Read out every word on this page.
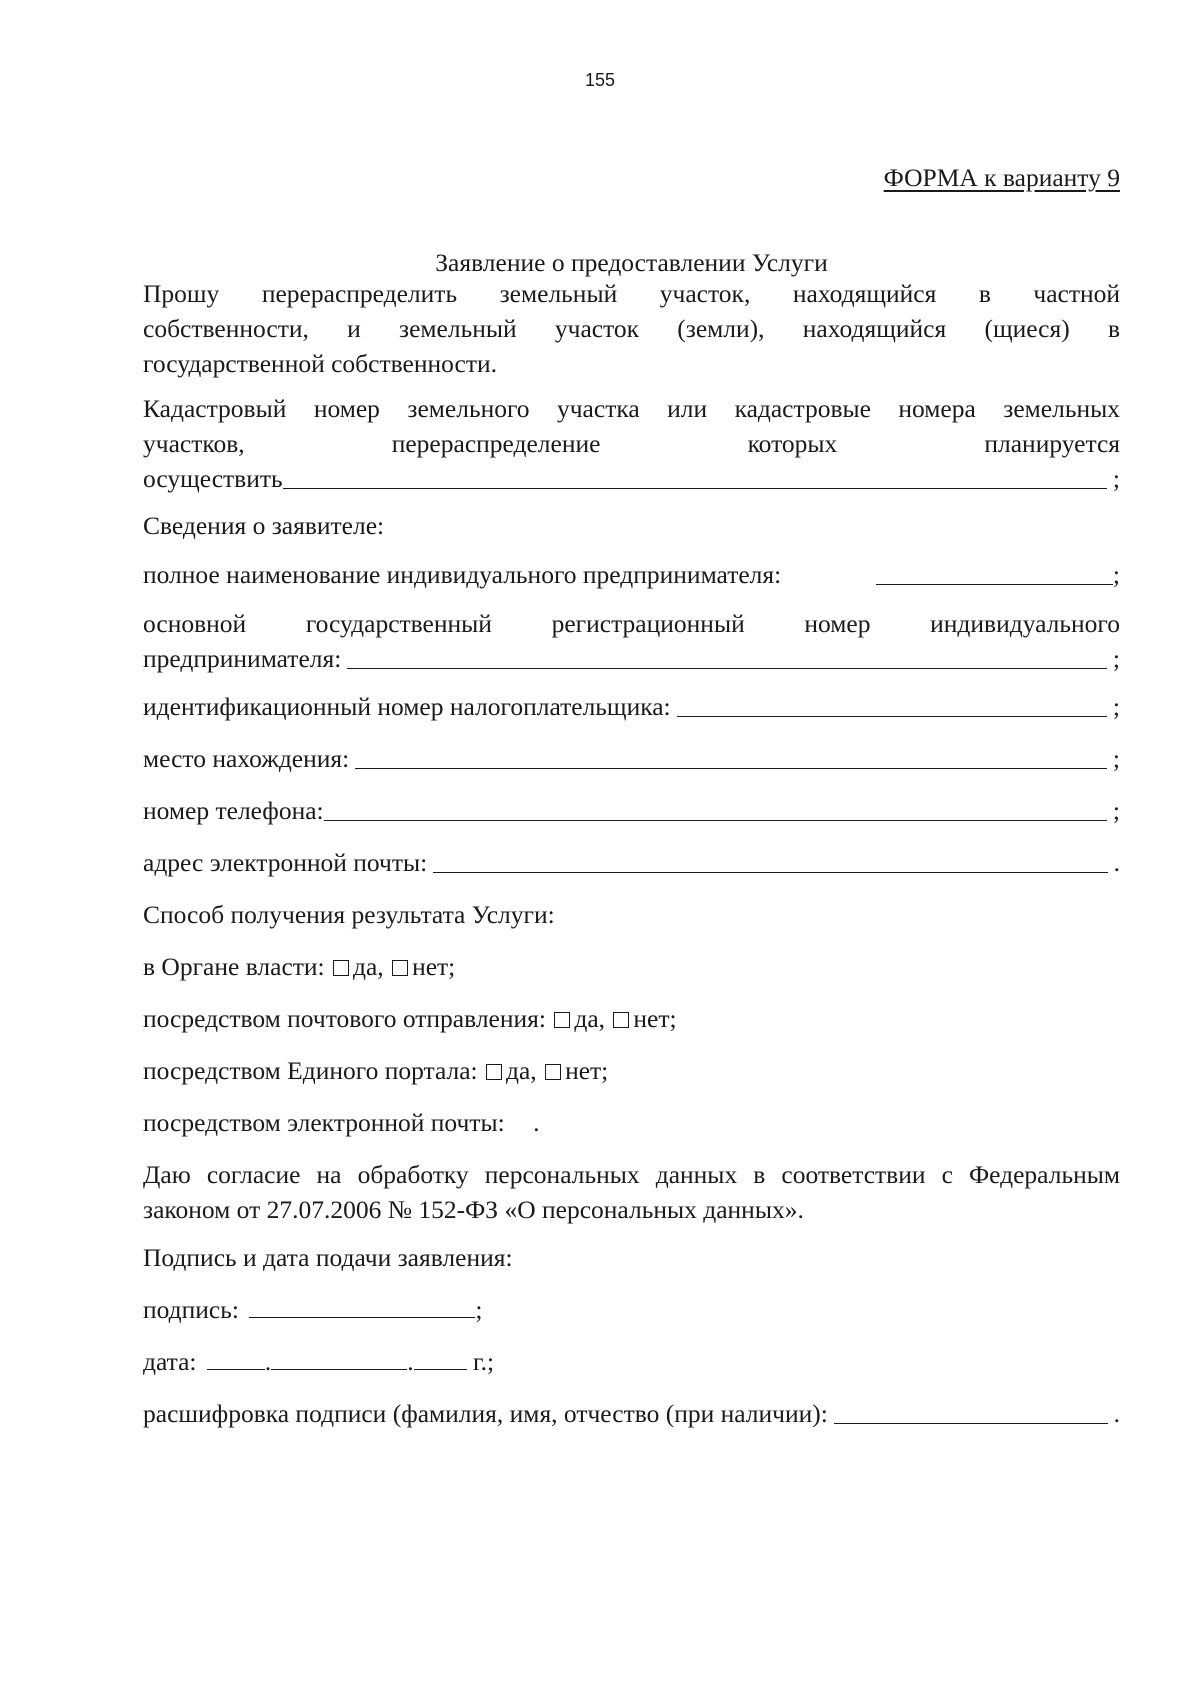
155
ФОРМА к варианту 9
Заявление о предоставлении Услуги
Прошу перераспределить земельный участок, находящийся в частной
собственности, и земельный участок (земли), находящийся (щиеся) в
государственной собственности.
Кадастровый номер земельного участка или кадастровые номера земельных
участков,	перераспределение	которых	планируется
осуществить	;
Сведения о заявителе:
полное наименование индивидуального предпринимателя:	;
основной государственный регистрационный номер индивидуального
предпринимателя:	;
идентификационный номер налогоплательщика:	;
место нахождения:	;
номер телефона:	;
адрес электронной почты:	.
Способ получения результата Услуги:
в Органе власти: да, нет;
посредством почтового отправления: да, нет;
посредством Единого портала: да, нет;
посредством электронной почты: .
Даю согласие на обработку персональных данных в соответствии с Федеральным
законом от 27.07.2006 № 152-ФЗ «О персональных данных».
Подпись и дата подачи заявления:
подпись:	;
дата:	.	. г.;
расшифровка подписи (фамилия, имя, отчество (при наличии):	.
